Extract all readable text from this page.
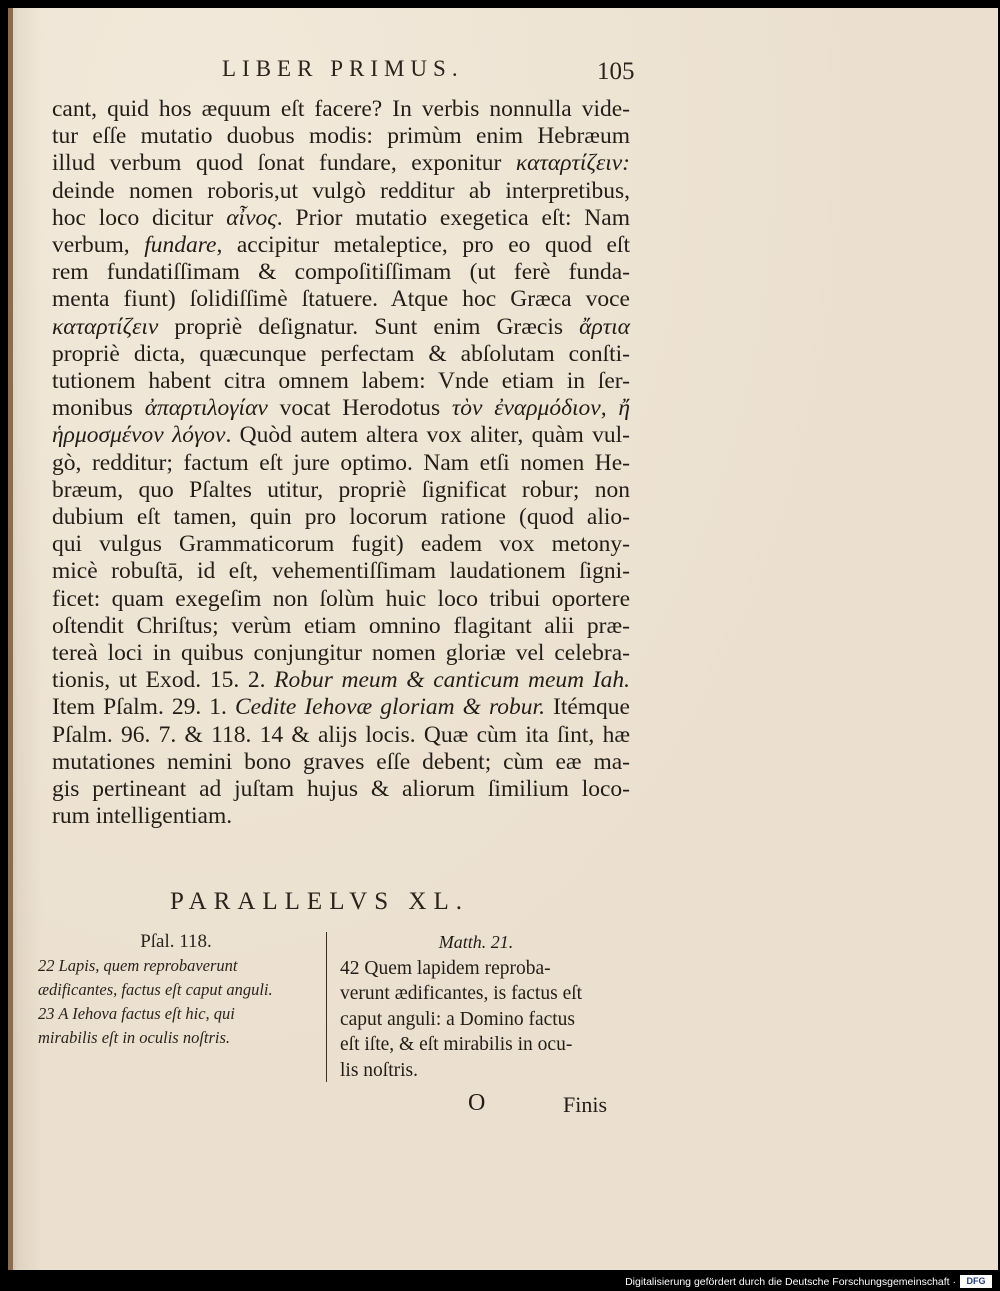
LIBER PRIMUS.	105
cant, quid hos æquum eſt facere? In verbis nonnulla vide-
tur eſſe mutatio duobus modis: primùm enim Hebræum
illud verbum quod ſonat fundare, exponitur καταρτίζειν:
deinde nomen roboris,ut vulgò redditur ab interpretibus,
hoc loco dicitur αἶνος. Prior mutatio exegetica eſt: Nam
verbum, fundare, accipitur metaleptice, pro eo quod eſt
rem fundatiſſimam & compoſitiſſimam (ut ferè funda-
menta fiunt) ſolidiſſimè ſtatuere. Atque hoc Græca voce
καταρτίζειν propriè deſignatur. Sunt enim Græcis ἄρτια
propriè dicta, quæcunque perfectam & abſolutam conſti-
tutionem habent citra omnem labem: Vnde etiam in ſer-
monibus ἀπαρτιλογίαν vocat Herodotus τὸν ἐναρμόδιον, ἤ
ἡρμοσμένον λόγον. Quòd autem altera vox aliter, quàm vul-
gò, redditur; factum eſt jure optimo. Nam etſi nomen He-
bræum, quo Pſaltes utitur, propriè ſignificat robur; non
dubium eſt tamen, quin pro locorum ratione (quod alio-
qui vulgus Grammaticorum fugit) eadem vox metony-
micè robuſtā, id eſt, vehementiſſimam laudationem ſigni-
ficet: quam exegeſim non ſolùm huic loco tribui oportere
oſtendit Chriſtus; verùm etiam omnino flagitant alii præ-
tereà loci in quibus conjungitur nomen gloriæ vel celebra-
tionis, ut Exod. 15. 2. Robur meum & canticum meum Iah.
Item Pſalm. 29. 1. Cedite Iehovæ gloriam & robur. Itémque
Pſalm. 96. 7. & 118. 14 & alijs locis. Quæ cùm ita ſint, hæ
mutationes nemini bono graves eſſe debent; cùm eæ ma-
gis pertineant ad juſtam hujus & aliorum ſimilium loco-
rum intelligentiam.
PARALLELVS XL.
Pſal. 118.
22 Lapis, quem reprobaverunt
ædificantes, factus eſt caput anguli.
23 A Iehova factus eſt hic, qui
mirabilis eſt in oculis noſtris.
Matth. 21.
42 Quem lapidem reproba-
verunt ædificantes, is factus eſt
caput anguli: a Domino factus
eſt iſte, & eſt mirabilis in ocu-
lis noſtris.
O	Finis
Digitalisierung gefördert durch die Deutsche Forschungsgemeinschaft ·	DFG
